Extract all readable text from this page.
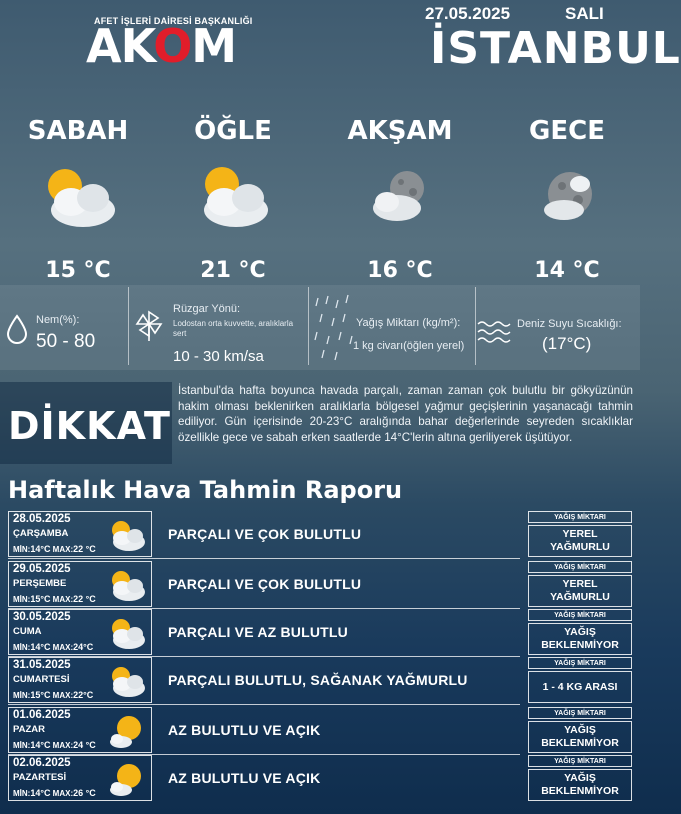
AFET İŞLERİ DAİRESİ BAŞKANLIĞI
AKOM
27.05.2025	SALI
İSTANBUL
SABAH
15 °C
ÖĞLE
21 °C
AKŞAM
16 °C
GECE
14 °C
Nem(%):
50 - 80
Rüzgar Yönü:
Lodostan orta kuvvette, aralıklarla sert
10 - 30 km/sa
Yağış Miktarı (kg/m²):
1 kg civarı(öğlen yerel)
Deniz Suyu Sıcaklığı:
(17°C)
DİKKAT
İstanbul'da hafta boyunca havada parçalı, zaman zaman çok bulutlu bir gökyüzünün hakim olması beklenirken aralıklarla bölgesel yağmur geçişlerinin yaşanacağı tahmin ediliyor. Gün içerisinde 20-23°C aralığında bahar değerlerinde seyreden sıcaklıklar özellikle gece ve sabah erken saatlerde 14°C'lerin altına geriliyerek üşütüyor.
Haftalık Hava Tahmin Raporu
28.05.2025
ÇARŞAMBA
MİN:14°C MAX:22 °C
PARÇALI VE ÇOK BULUTLU
YAĞIŞ MİKTARI
YEREL YAĞMURLU
29.05.2025
PERŞEMBE
MİN:15°C MAX:22 °C
PARÇALI VE ÇOK BULUTLU
YAĞIŞ MİKTARI
YEREL YAĞMURLU
30.05.2025
CUMA
MİN:14°C MAX:24°C
PARÇALI VE AZ BULUTLU
YAĞIŞ MİKTARI
YAĞIŞ BEKLENMİYOR
31.05.2025
CUMARTESİ
MİN:15°C MAX:22°C
PARÇALI BULUTLU, SAĞANAK YAĞMURLU
YAĞIŞ MİKTARI
1 - 4 KG ARASI
01.06.2025
PAZAR
MİN:14°C MAX:24 °C
AZ BULUTLU VE AÇIK
YAĞIŞ MİKTARI
YAĞIŞ BEKLENMİYOR
02.06.2025
PAZARTESİ
MİN:14°C MAX:26 °C
AZ BULUTLU VE AÇIK
YAĞIŞ MİKTARI
YAĞIŞ BEKLENMİYOR
